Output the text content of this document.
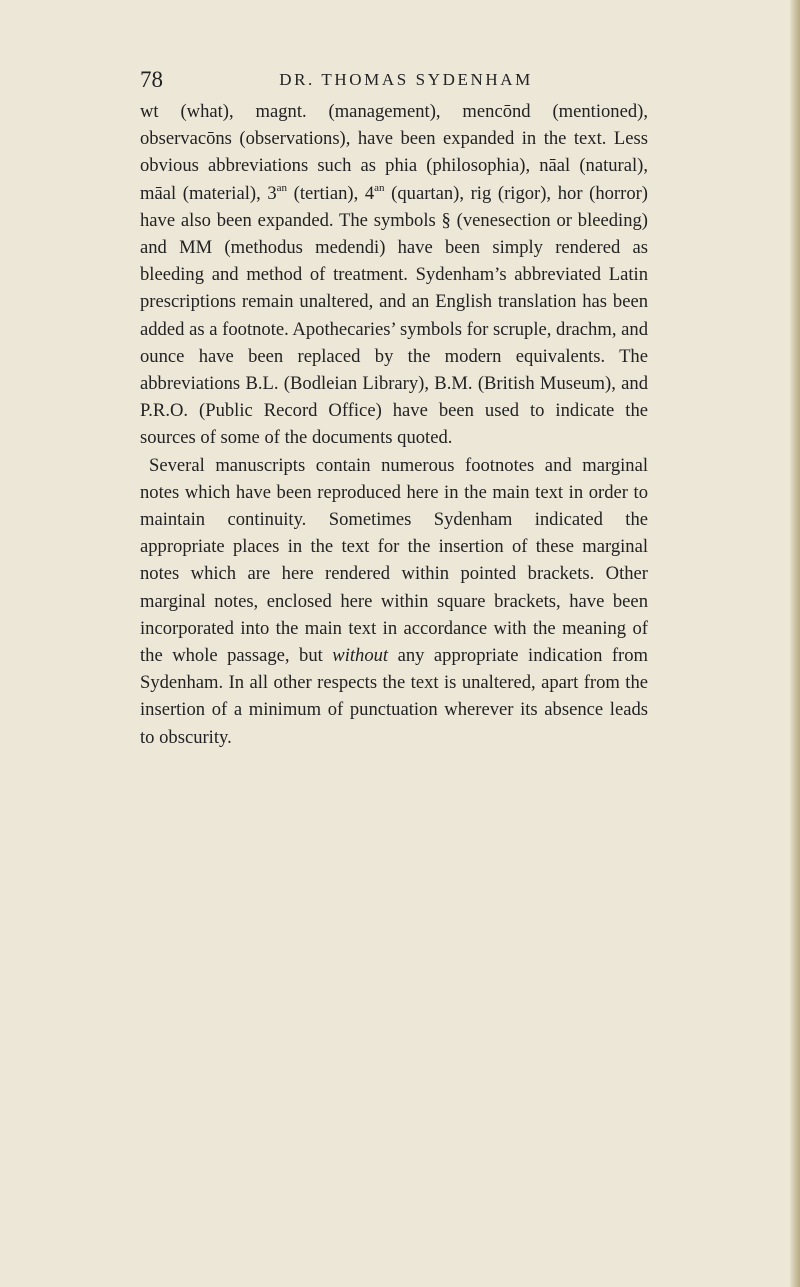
78	DR. THOMAS SYDENHAM

wt (what), magnt. (management), mencōnd (mentioned), observacōns (observations), have been expanded in the text. Less obvious abbreviations such as phia (philosophia), nāal (natural), māal (material), $3^{an}$ (tertian), $4^{an}$ (quartan), rig (rigor), hor (horror) have also been expanded. The symbols § (venesection or bleeding) and MM (methodus medendi) have been simply rendered as bleeding and method of treatment. Sydenham’s abbreviated Latin prescriptions remain unaltered, and an English translation has been added as a footnote. Apothecaries’ symbols for scruple, drachm, and ounce have been replaced by the modern equivalents. The abbreviations B.L. (Bodleian Library), B.M. (British Museum), and P.R.O. (Public Record Office) have been used to indicate the sources of some of the documents quoted.

Several manuscripts contain numerous footnotes and marginal notes which have been reproduced here in the main text in order to maintain continuity. Sometimes Sydenham indicated the appropriate places in the text for the insertion of these marginal notes which are here rendered within pointed brackets. Other marginal notes, enclosed here within square brackets, have been incorporated into the main text in accordance with the meaning of the whole passage, but without any appropriate indication from Sydenham. In all other respects the text is unaltered, apart from the insertion of a minimum of punctuation wherever its absence leads to obscurity.
